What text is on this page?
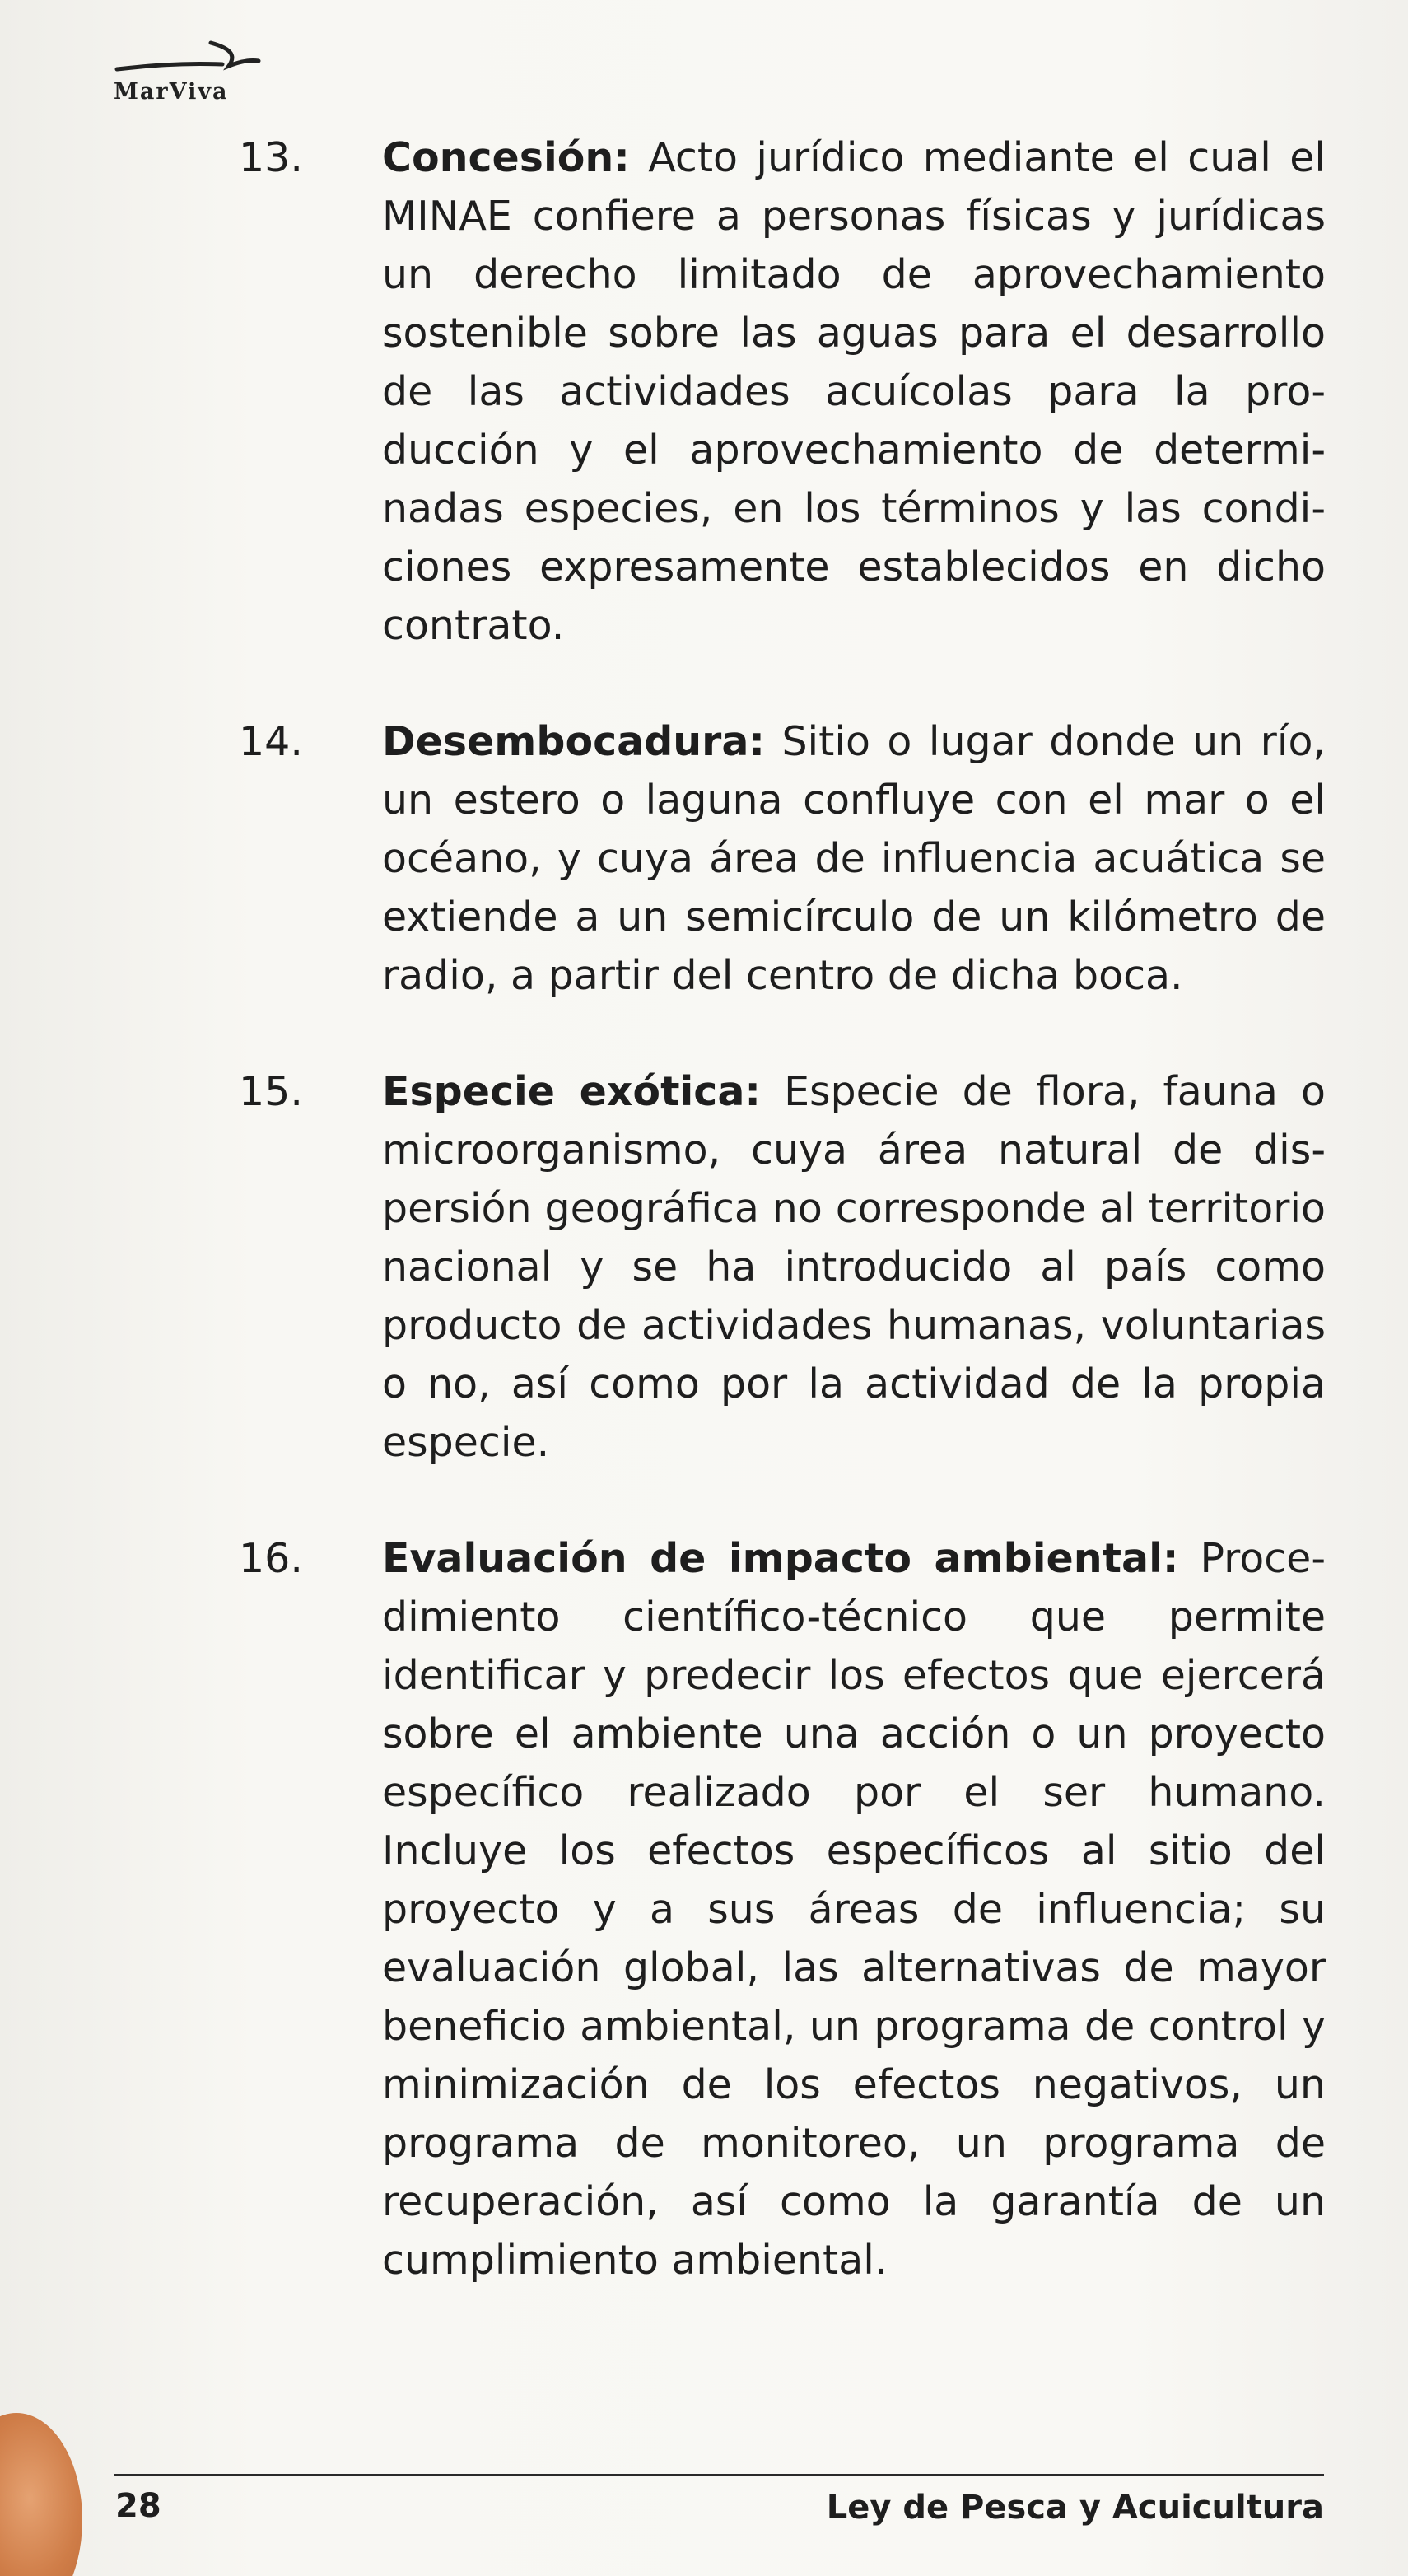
MarViva
13. Concesión: Acto jurídico mediante el cual el MINAE confiere a personas físicas y jurídicas un derecho limitado de aprovechamiento sostenible sobre las aguas para el desarrollo de las actividades acuícolas para la producción y el aprovechamiento de determinadas especies, en los términos y las condiciones expresamente establecidos en dicho contrato.
14. Desembocadura: Sitio o lugar donde un río, un estero o laguna confluye con el mar o el océano, y cuya área de influencia acuática se extiende a un semicírculo de un kilómetro de radio, a partir del centro de dicha boca.
15. Especie exótica: Especie de flora, fauna o microorganismo, cuya área natural de dispersión geográfica no corresponde al territorio nacional y se ha introducido al país como producto de actividades humanas, voluntarias o no, así como por la actividad de la propia especie.
16. Evaluación de impacto ambiental: Procedimiento científico-técnico que permite identificar y predecir los efectos que ejercerá sobre el ambiente una acción o un proyecto específico realizado por el ser humano. Incluye los efectos específicos al sitio del proyecto y a sus áreas de influencia; su evaluación global, las alternativas de mayor beneficio ambiental, un programa de control y minimización de los efectos negativos, un programa de monitoreo, un programa de recuperación, así como la garantía de un cumplimiento ambiental.
28	Ley de Pesca y Acuicultura
